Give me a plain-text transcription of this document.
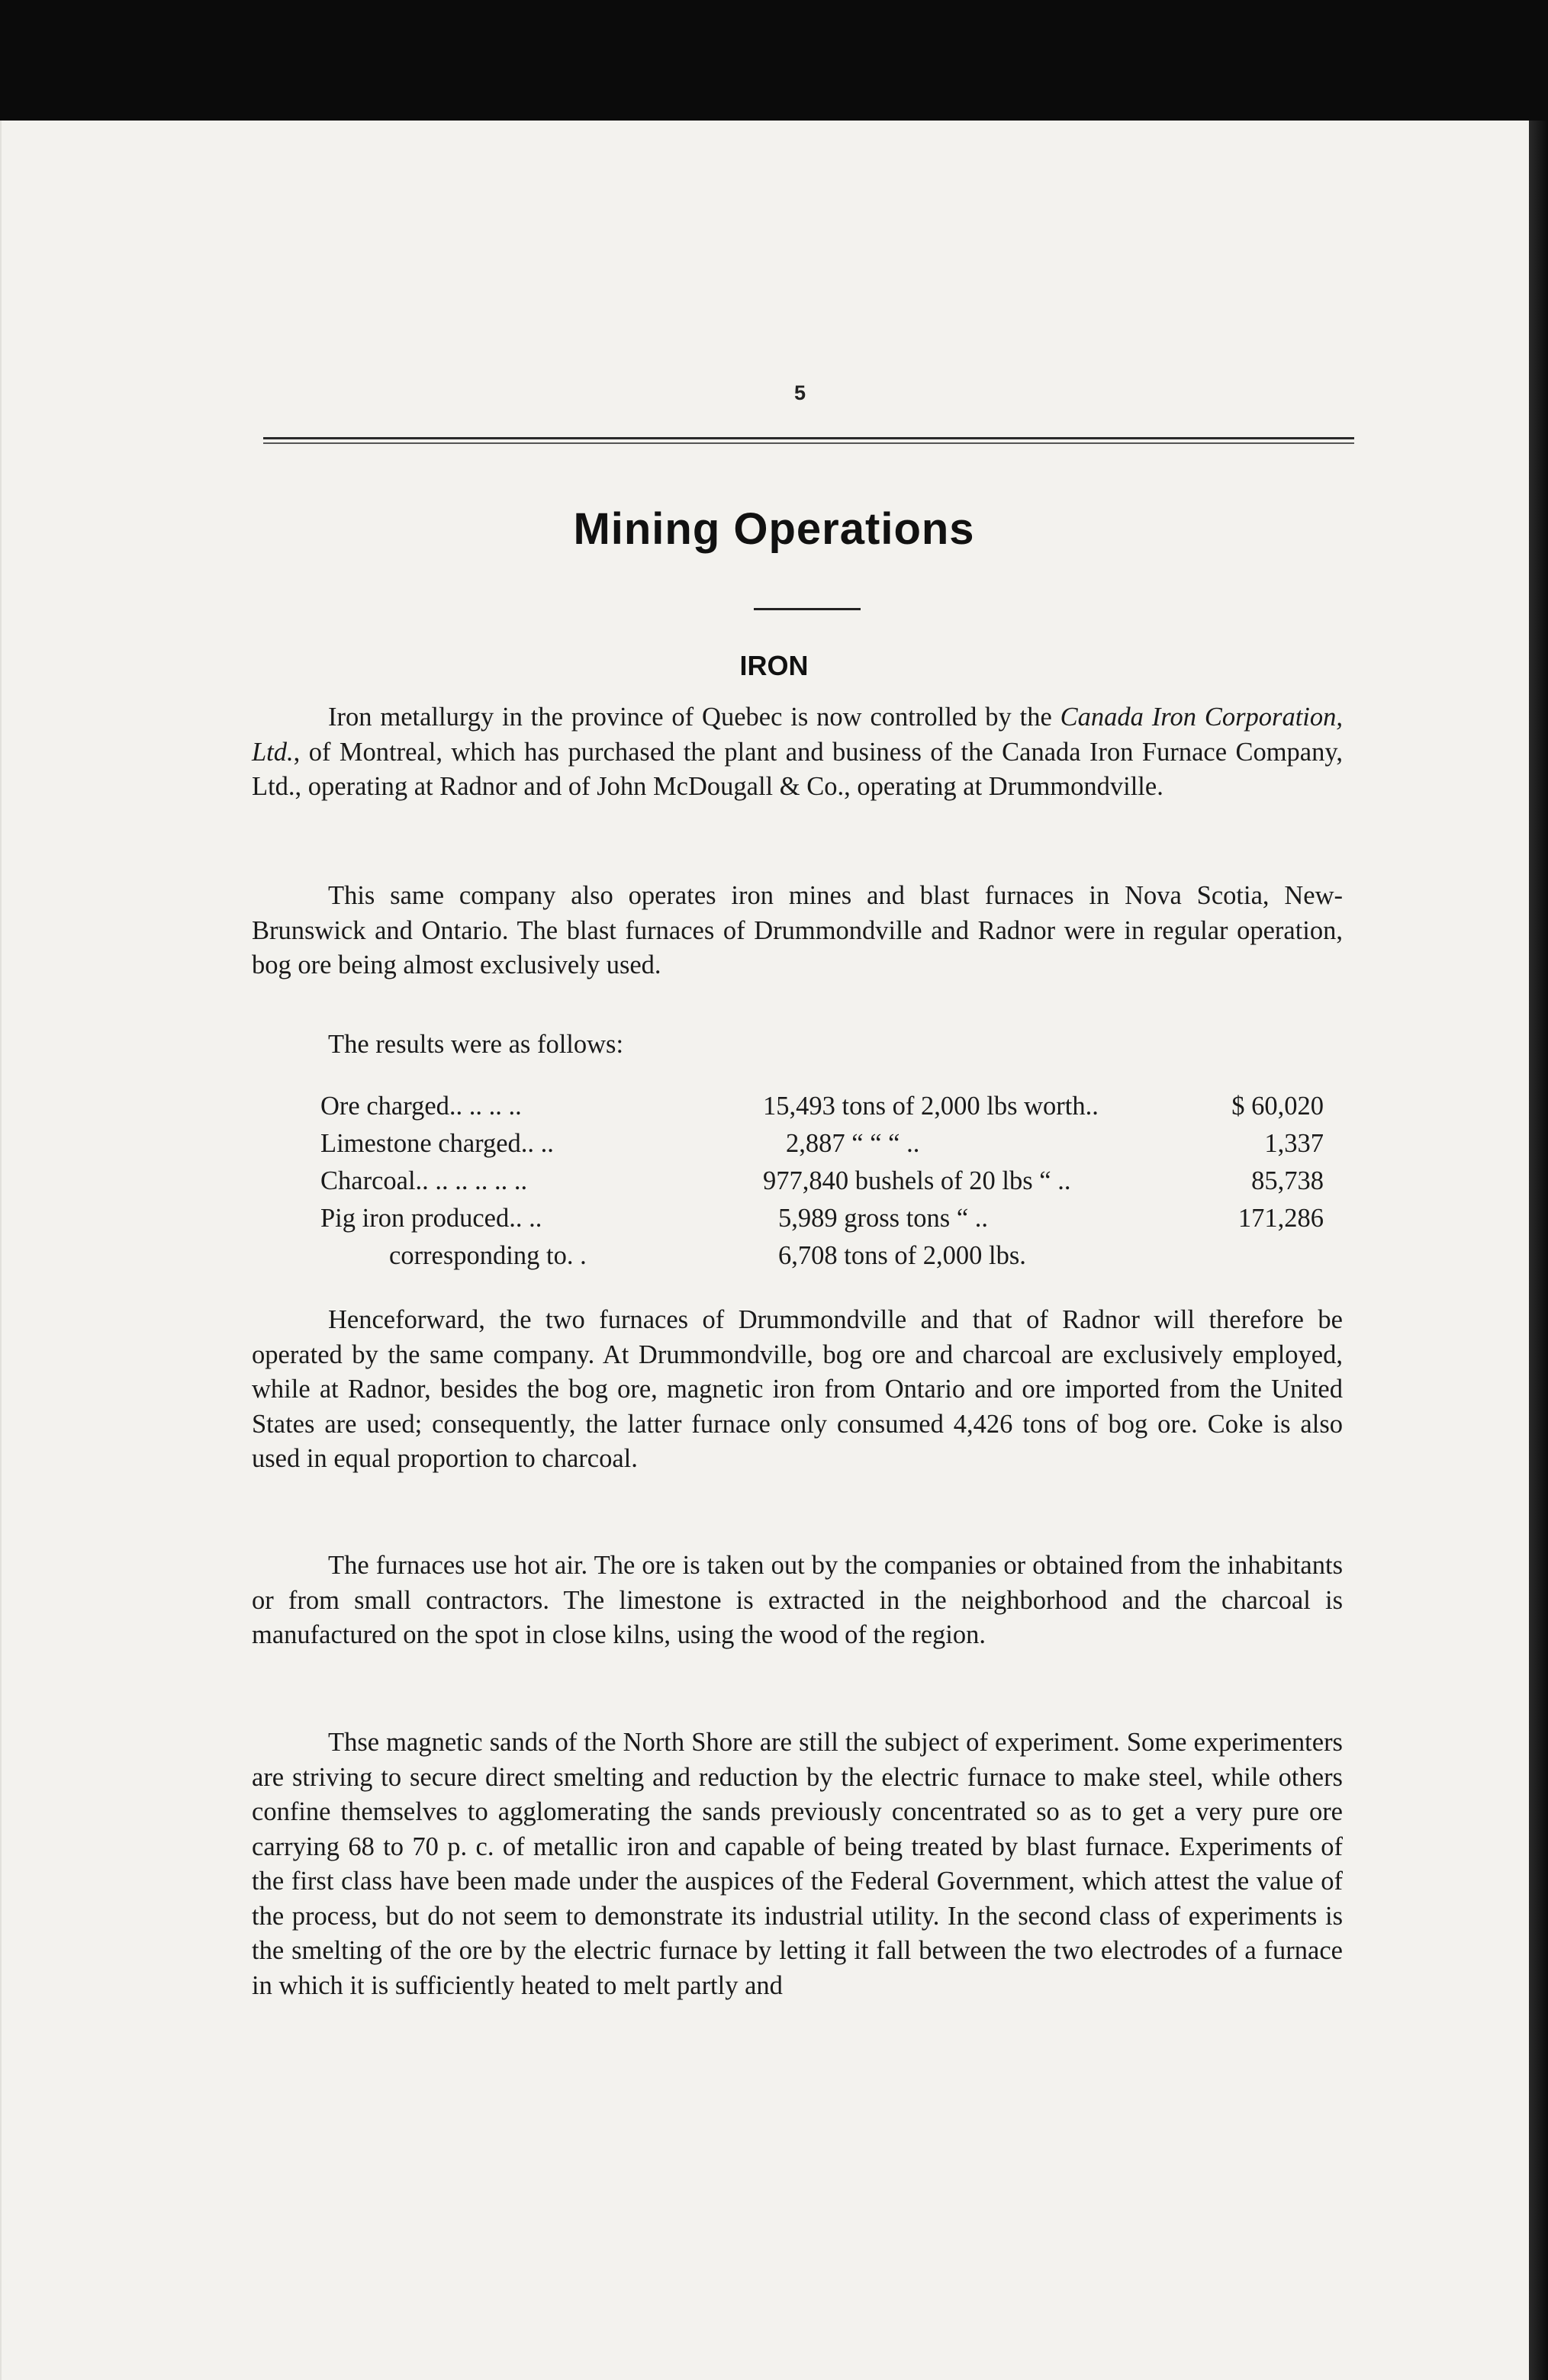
5
Mining Operations
IRON

Iron metallurgy in the province of Quebec is now controlled by the Canada Iron Corporation, Ltd., of Montreal, which has purchased the plant and business of the Canada Iron Furnace Company, Ltd., operating at Radnor and of John McDougall & Co., operating at Drummondville.

This same company also operates iron mines and blast furnaces in Nova Scotia, New-Brunswick and Ontario. The blast furnaces of Drummondville and Radnor were in regular operation, bog ore being almost exclusively used.

The results were as follows:
Ore charged.. .. .. ..	15,493 tons of 2,000 lbs worth..	$ 60,020
Limestone charged.. ..	2,887 “ “ “ ..	1,337
Charcoal.. .. .. .. .. ..	977,840 bushels of 20 lbs “ ..	85,738
Pig iron produced.. ..	5,989 gross tons “ ..	171,286
corresponding to. .	6,708 tons of 2,000 lbs.	

Henceforward, the two furnaces of Drummondville and that of Radnor will therefore be operated by the same company. At Drummondville, bog ore and charcoal are exclusively employed, while at Radnor, besides the bog ore, magnetic iron from Ontario and ore imported from the United States are used; consequently, the latter furnace only consumed 4,426 tons of bog ore. Coke is also used in equal proportion to charcoal.

The furnaces use hot air. The ore is taken out by the companies or obtained from the inhabitants or from small contractors. The limestone is extracted in the neighborhood and the charcoal is manufactured on the spot in close kilns, using the wood of the region.

Thse magnetic sands of the North Shore are still the subject of experiment. Some experimenters are striving to secure direct smelting and reduction by the electric furnace to make steel, while others confine themselves to agglomerating the sands previously concentrated so as to get a very pure ore carrying 68 to 70 p. c. of metallic iron and capable of being treated by blast furnace. Experiments of the first class have been made under the auspices of the Federal Government, which attest the value of the process, but do not seem to demonstrate its industrial utility. In the second class of experiments is the smelting of the ore by the electric furnace by letting it fall between the two electrodes of a furnace in which it is sufficiently heated to melt partly and
